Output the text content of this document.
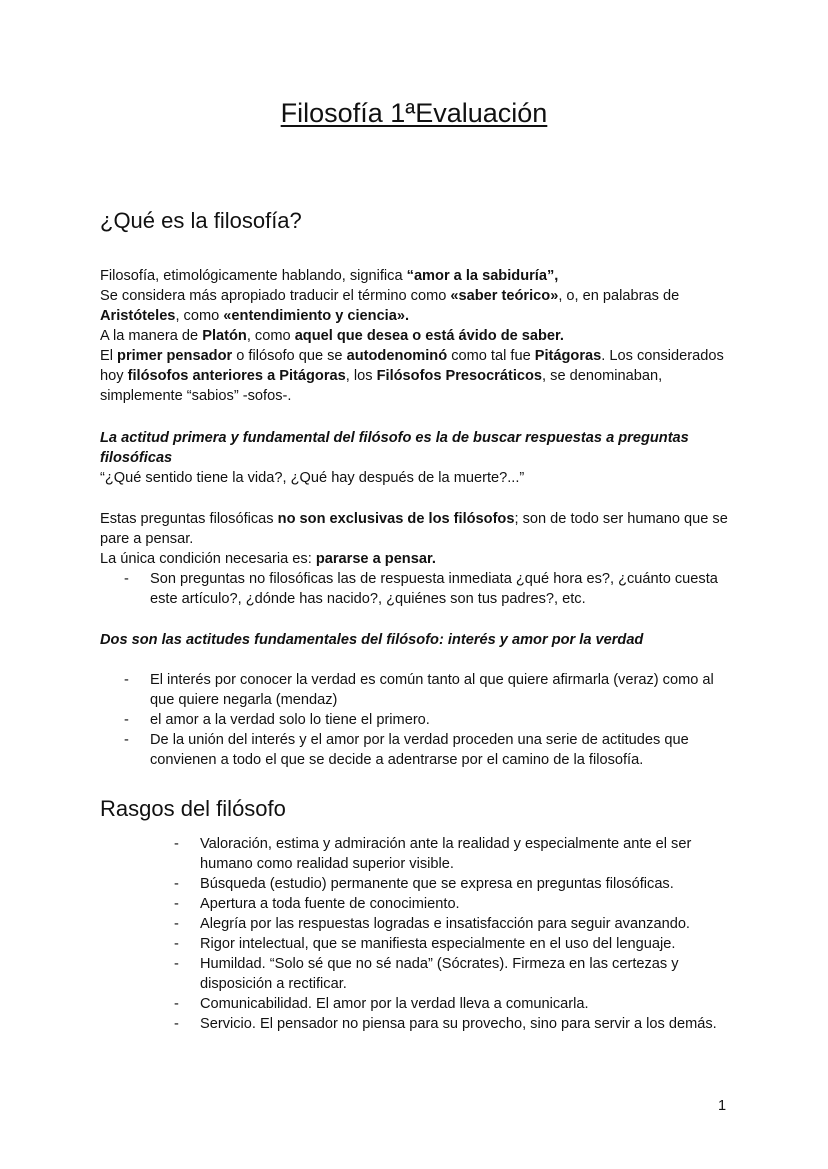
Filosofía 1ªEvaluación
¿Qué es la filosofía?
Filosofía, etimológicamente hablando, significa “amor a la sabiduría”,
Se considera más apropiado traducir el término como «saber teórico», o, en palabras de Aristóteles, como «entendimiento y ciencia».
A la manera de Platón, como aquel que desea o está ávido de saber.
El primer pensador o filósofo que se autodenominó como tal fue Pitágoras. Los considerados hoy filósofos anteriores a Pitágoras, los Filósofos Presocráticos, se denominaban, simplemente “sabios” -sofos-.
La actitud primera y fundamental del filósofo es la de buscar respuestas a preguntas filosóficas
“¿Qué sentido tiene la vida?, ¿Qué hay después de la muerte?...”
Estas preguntas filosóficas no son exclusivas de los filósofos; son de todo ser humano que se pare a pensar.
La única condición necesaria es: pararse a pensar.
- Son preguntas no filosóficas las de respuesta inmediata ¿qué hora es?, ¿cuánto cuesta este artículo?, ¿dónde has nacido?, ¿quiénes son tus padres?, etc.
Dos son las actitudes fundamentales del filósofo: interés y amor por la verdad
- El interés por conocer la verdad es común tanto al que quiere afirmarla (veraz) como al que quiere negarla (mendaz)
- el amor a la verdad solo lo tiene el primero.
- De la unión del interés y el amor por la verdad proceden una serie de actitudes que convienen a todo el que se decide a adentrarse por el camino de la filosofía.
Rasgos del filósofo
- Valoración, estima y admiración ante la realidad y especialmente ante el ser humano como realidad superior visible.
- Búsqueda (estudio) permanente que se expresa en preguntas filosóficas.
- Apertura a toda fuente de conocimiento.
- Alegría por las respuestas logradas e insatisfacción para seguir avanzando.
- Rigor intelectual, que se manifiesta especialmente en el uso del lenguaje.
- Humildad. “Solo sé que no sé nada” (Sócrates). Firmeza en las certezas y disposición a rectificar.
- Comunicabilidad. El amor por la verdad lleva a comunicarla.
- Servicio. El pensador no piensa para su provecho, sino para servir a los demás.
1
